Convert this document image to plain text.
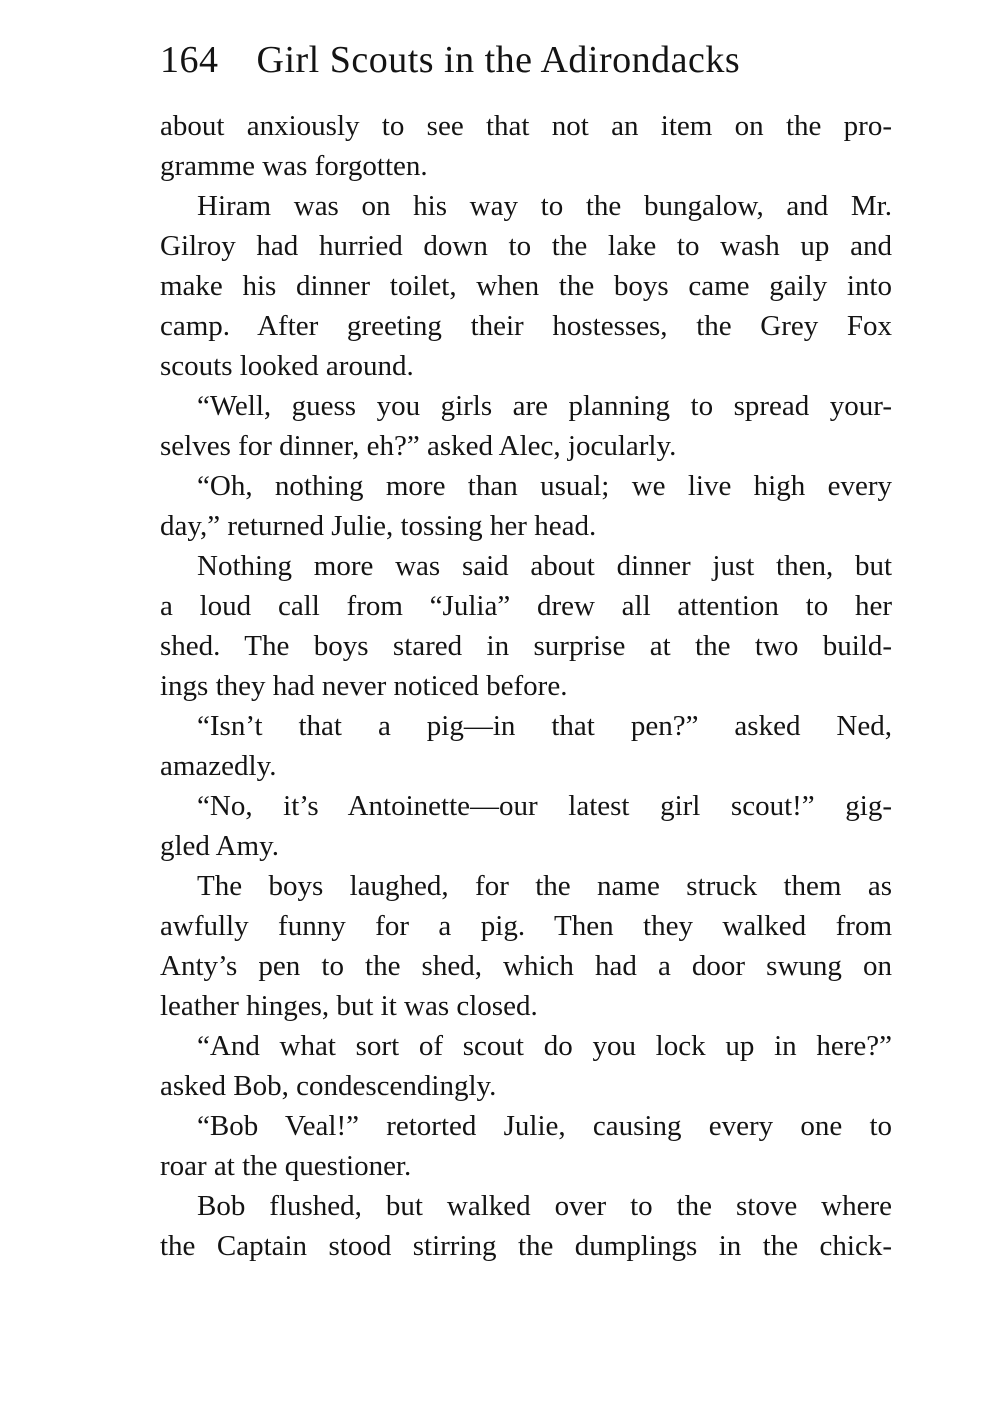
164 Girl Scouts in the Adirondacks
about anxiously to see that not an item on the pro-
gramme was forgotten.
Hiram was on his way to the bungalow, and Mr.
Gilroy had hurried down to the lake to wash up and
make his dinner toilet, when the boys came gaily into
camp. After greeting their hostesses, the Grey Fox
scouts looked around.
“Well, guess you girls are planning to spread your-
selves for dinner, eh?” asked Alec, jocularly.
“Oh, nothing more than usual; we live high every
day,” returned Julie, tossing her head.
Nothing more was said about dinner just then, but
a loud call from “Julia” drew all attention to her
shed. The boys stared in surprise at the two build-
ings they had never noticed before.
“Isn’t that a pig—in that pen?” asked Ned,
amazedly.
“No, it’s Antoinette—our latest girl scout!” gig-
gled Amy.
The boys laughed, for the name struck them as
awfully funny for a pig. Then they walked from
Anty’s pen to the shed, which had a door swung on
leather hinges, but it was closed.
“And what sort of scout do you lock up in here?”
asked Bob, condescendingly.
“Bob Veal!” retorted Julie, causing every one to
roar at the questioner.
Bob flushed, but walked over to the stove where
the Captain stood stirring the dumplings in the chick-
